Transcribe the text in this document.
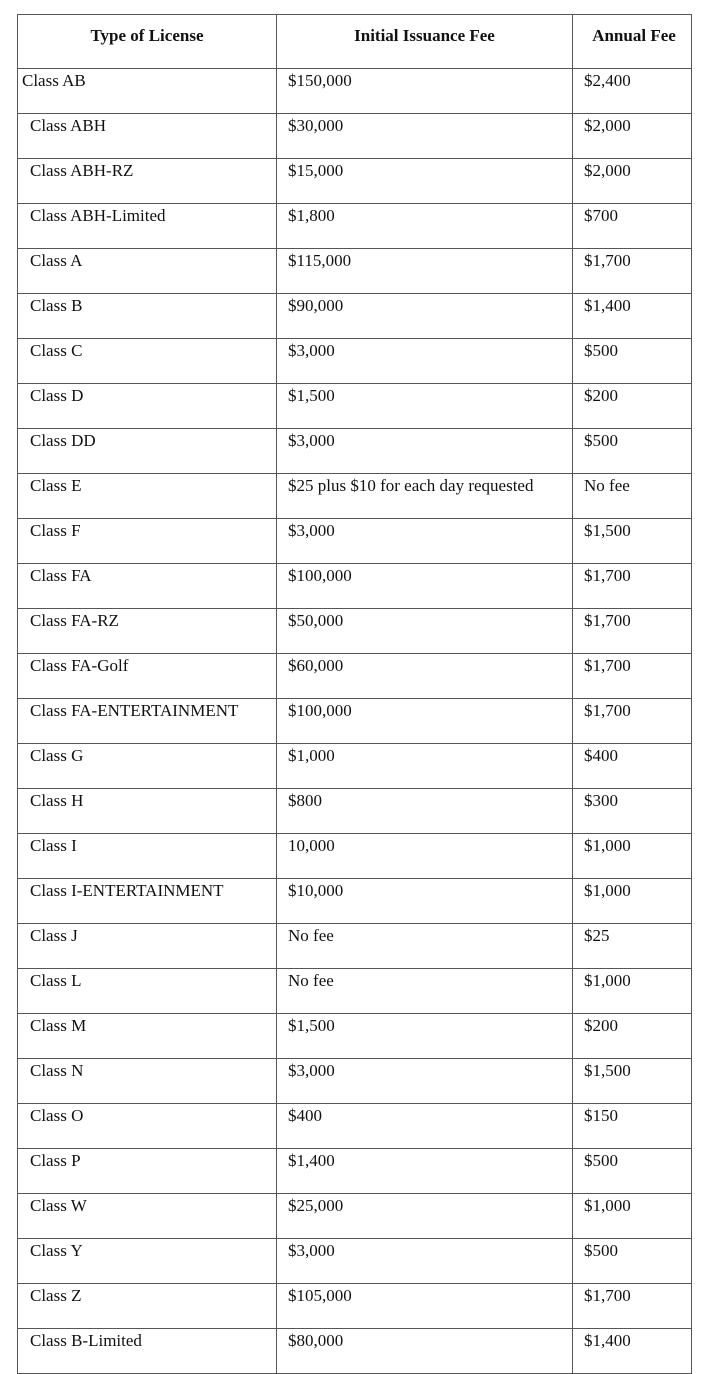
Type of License	Initial Issuance Fee	Annual Fee
Class AB	$150,000	$2,400
Class ABH	$30,000	$2,000
Class ABH-RZ	$15,000	$2,000
Class ABH-Limited	$1,800	$700
Class A	$115,000	$1,700
Class B	$90,000	$1,400
Class C	$3,000	$500
Class D	$1,500	$200
Class DD	$3,000	$500
Class E	$25 plus $10 for each day requested	No fee
Class F	$3,000	$1,500
Class FA	$100,000	$1,700
Class FA-RZ	$50,000	$1,700
Class FA-Golf	$60,000	$1,700
Class FA-ENTERTAINMENT	$100,000	$1,700
Class G	$1,000	$400
Class H	$800	$300
Class I	10,000	$1,000
Class I-ENTERTAINMENT	$10,000	$1,000
Class J	No fee	$25
Class L	No fee	$1,000
Class M	$1,500	$200
Class N	$3,000	$1,500
Class O	$400	$150
Class P	$1,400	$500
Class W	$25,000	$1,000
Class Y	$3,000	$500
Class Z	$105,000	$1,700
Class B-Limited	$80,000	$1,400
